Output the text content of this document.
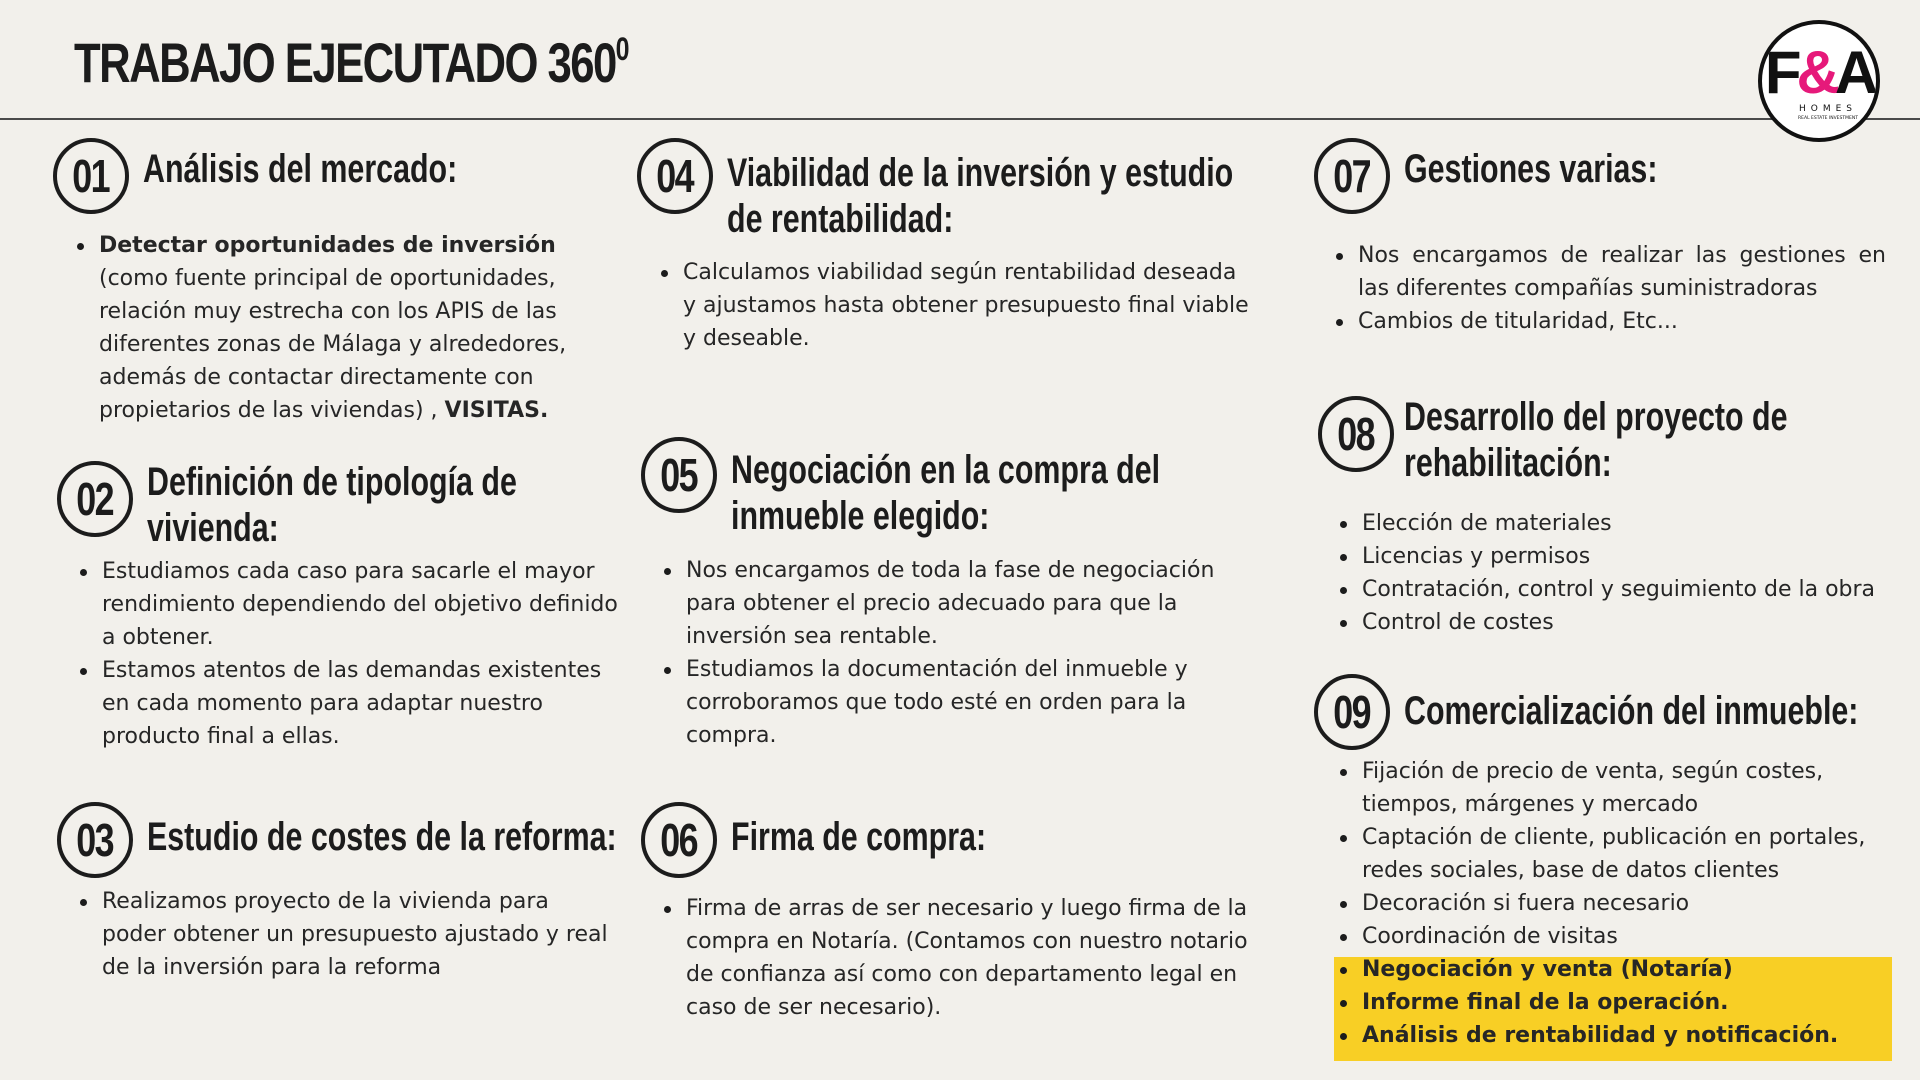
TRABAJO EJECUTADO $360^0$	F&A
HOMES
REAL ESTATE INVESTMENT
01 Análisis del mercado:
Detectar oportunidades de inversión (como fuente principal de oportunidades, relación muy estrecha con los APIS de las diferentes zonas de Málaga y alrededores, además de contactar directamente con propietarios de las viviendas) , VISITAS.
02 Definición de tipología de
vivienda:
Estudiamos cada caso para sacarle el mayor rendimiento dependiendo del objetivo definido a obtener.
Estamos atentos de las demandas existentes en cada momento para adaptar nuestro producto final a ellas.
03 Estudio de costes de la reforma:
Realizamos proyecto de la vivienda para poder obtener un presupuesto ajustado y real de la inversión para la reforma
04 Viabilidad de la inversión y estudio
de rentabilidad:
Calculamos viabilidad según rentabilidad deseada y ajustamos hasta obtener presupuesto final viable y deseable.
05 Negociación en la compra del
inmueble elegido:
Nos encargamos de toda la fase de negociación para obtener el precio adecuado para que la inversión sea rentable.
Estudiamos la documentación del inmueble y corroboramos que todo esté en orden para la compra.
06 Firma de compra:
Firma de arras de ser necesario y luego firma de la compra en Notaría. (Contamos con nuestro notario de confianza así como con departamento legal en caso de ser necesario).
07 Gestiones varias:
Nos encargamos de realizar las gestiones en las diferentes compañías suministradoras
Cambios de titularidad, Etc...
08 Desarrollo del proyecto de
rehabilitación:
Elección de materiales
Licencias y permisos
Contratación, control y seguimiento de la obra
Control de costes
09 Comercialización del inmueble:
Fijación de precio de venta, según costes, tiempos, márgenes y mercado
Captación de cliente, publicación en portales, redes sociales, base de datos clientes
Decoración si fuera necesario
Coordinación de visitas
Negociación y venta (Notaría)
Informe final de la operación.
Análisis de rentabilidad y notificación.
